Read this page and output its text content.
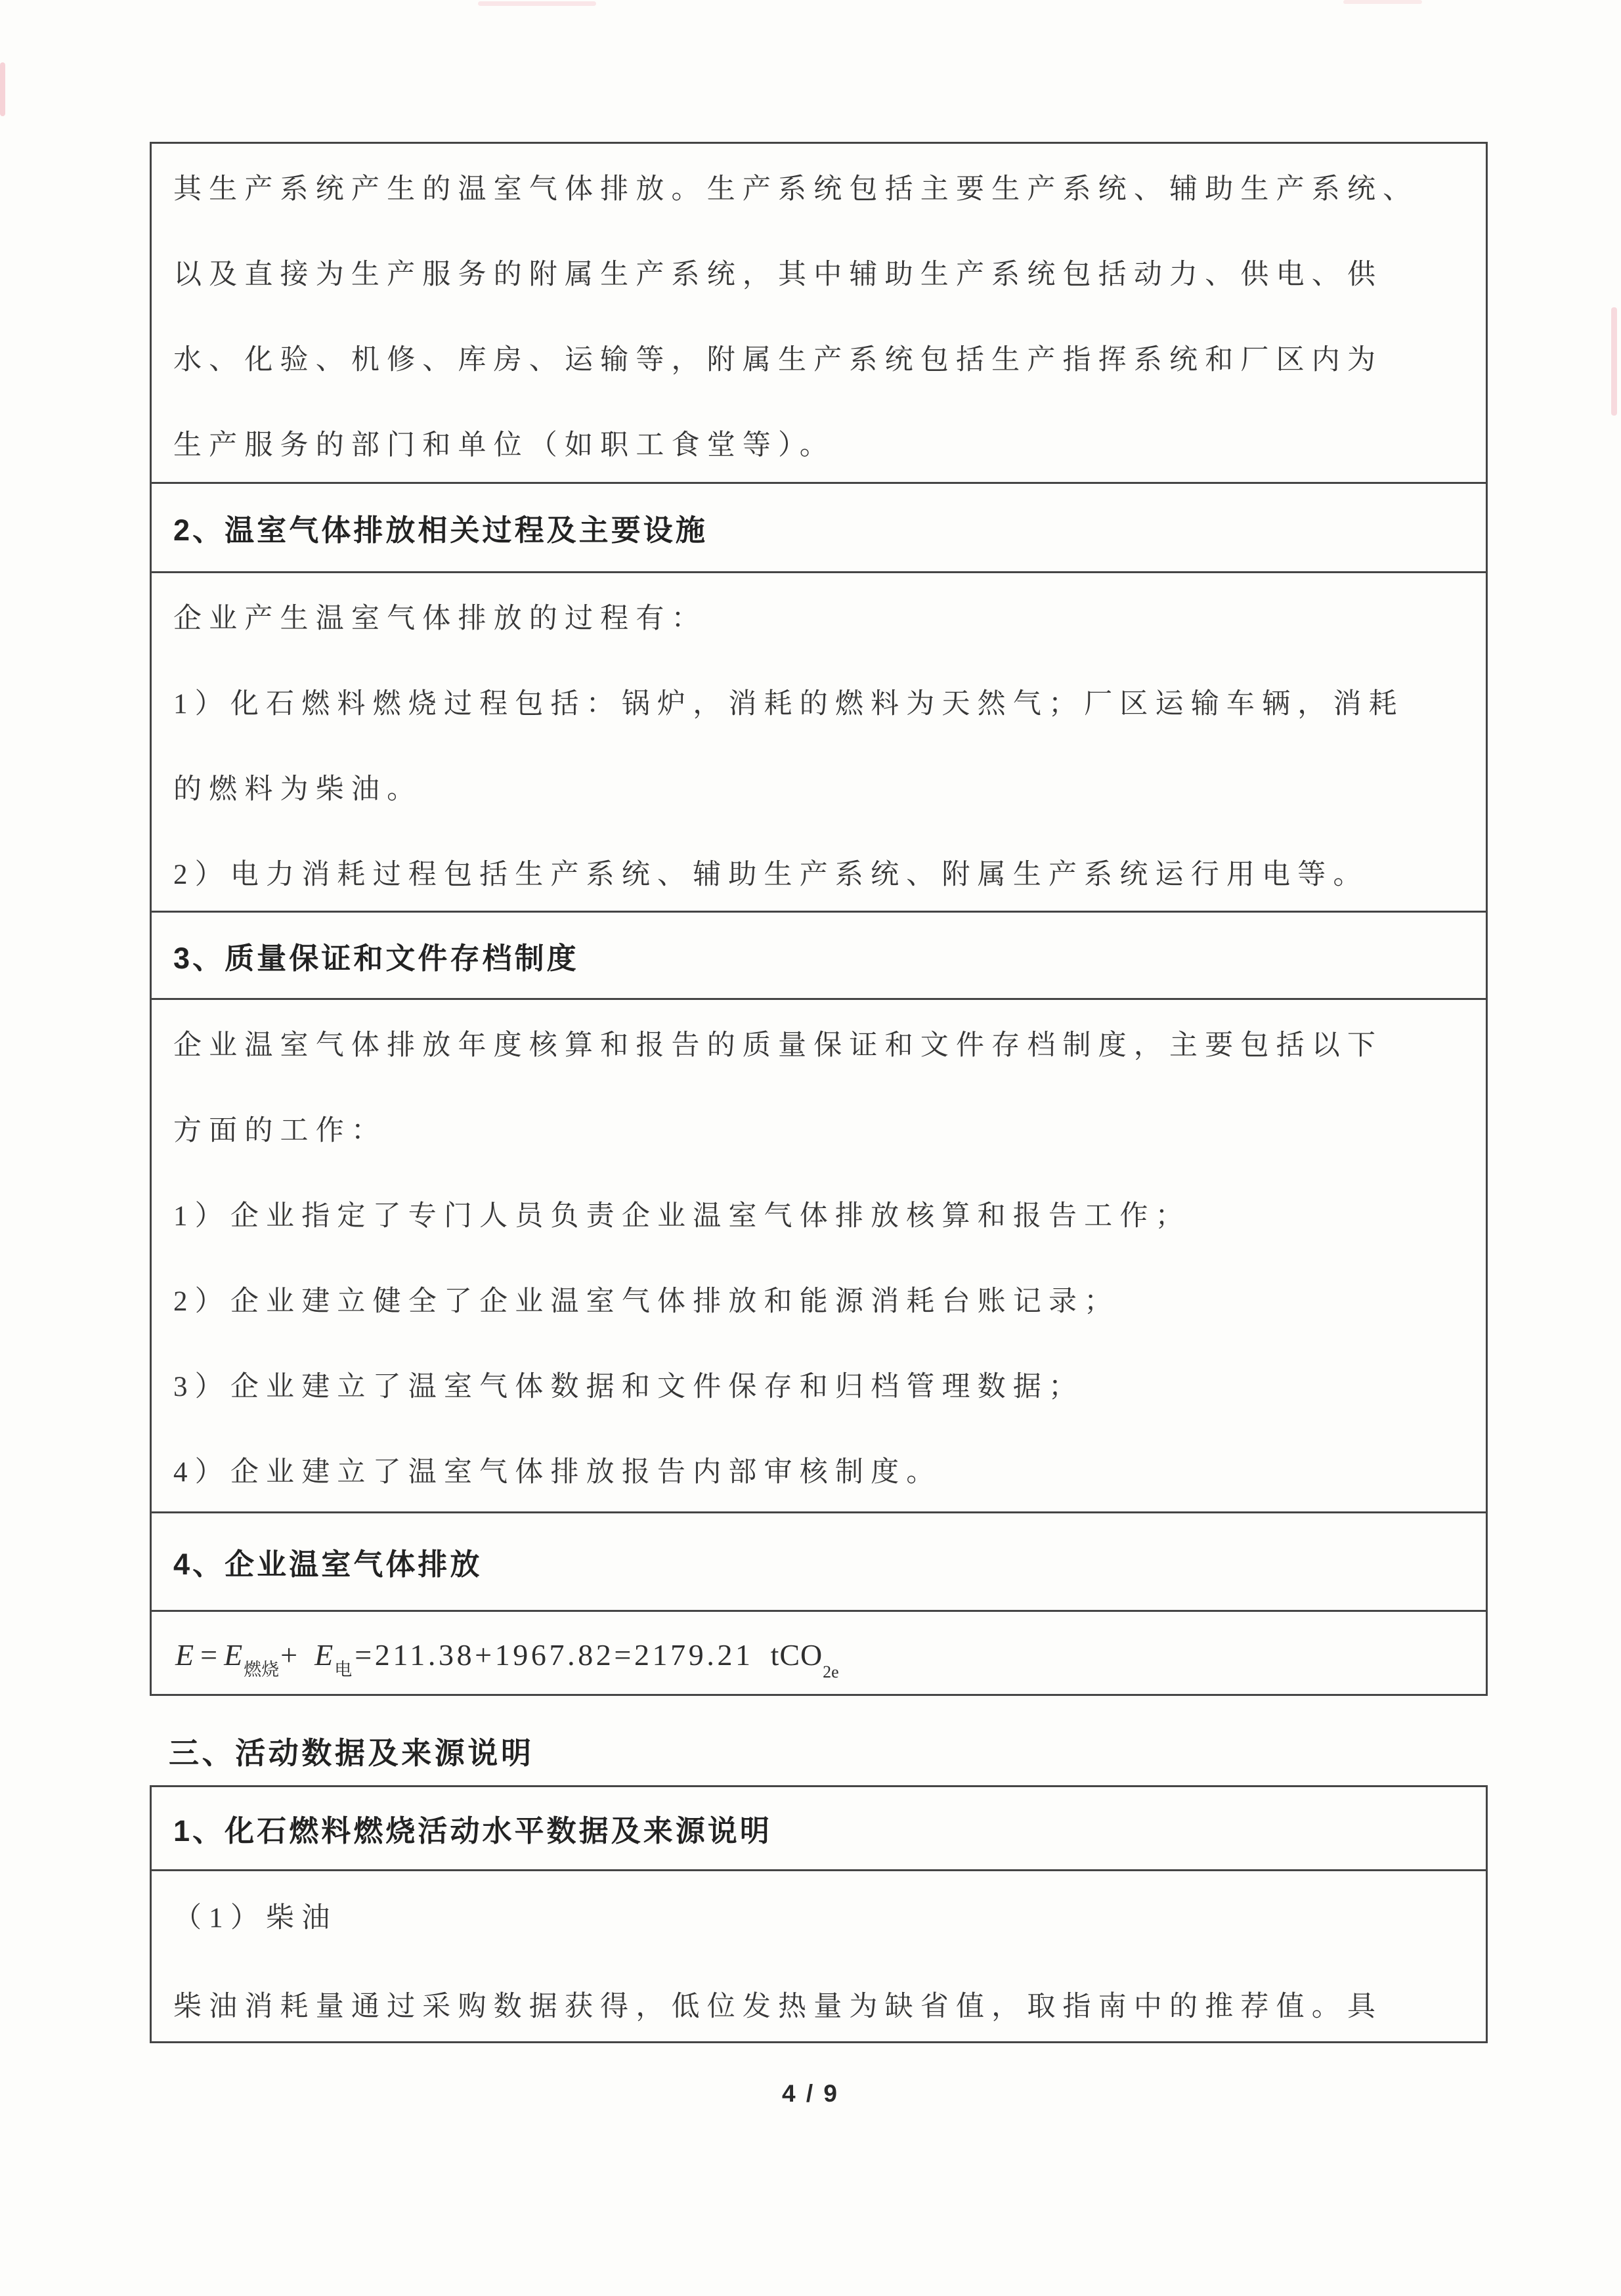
其生产系统产生的温室气体排放。生产系统包括主要生产系统、辅助生产系统、
以及直接为生产服务的附属生产系统，其中辅助生产系统包括动力、供电、供
水、化验、机修、库房、运输等，附属生产系统包括生产指挥系统和厂区内为
生产服务的部门和单位（如职工食堂等）。
2、温室气体排放相关过程及主要设施
企业产生温室气体排放的过程有：
1）化石燃料燃烧过程包括：锅炉，消耗的燃料为天然气；厂区运输车辆，消耗
的燃料为柴油。
2）电力消耗过程包括生产系统、辅助生产系统、附属生产系统运行用电等。
3、质量保证和文件存档制度
企业温室气体排放年度核算和报告的质量保证和文件存档制度，主要包括以下
方面的工作：
1）企业指定了专门人员负责企业温室气体排放核算和报告工作；
2）企业建立健全了企业温室气体排放和能源消耗台账记录；
3）企业建立了温室气体数据和文件保存和归档管理数据；
4）企业建立了温室气体排放报告内部审核制度。
4、企业温室气体排放
E = E 燃烧 + E 电 =211.38+1967.82=2179.21 tCO
2e
三、活动数据及来源说明
1、化石燃料燃烧活动水平数据及来源说明
（1）柴油
柴油消耗量通过采购数据获得，低位发热量为缺省值，取指南中的推荐值。具
4 / 9
